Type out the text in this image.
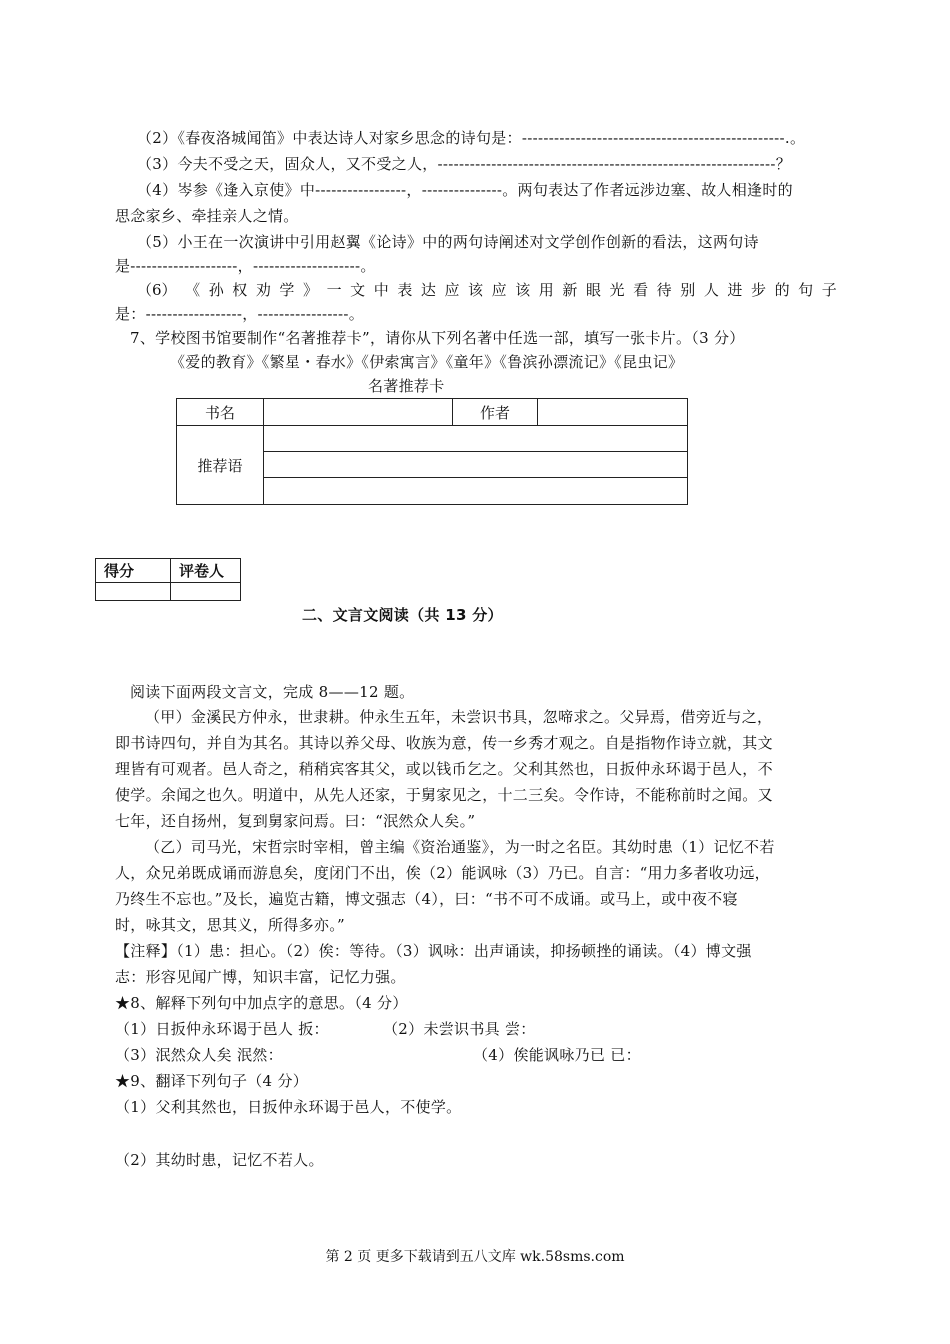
（2）《春夜洛城闻笛》中表达诗人对家乡思念的诗句是：-------------------------------------------------.。
（3）今夫不受之天，固众人，又不受之人，---------------------------------------------------------------？
（4）岑参《逢入京使》中-----------------，---------------。两句表达了作者远涉边塞、故人相逢时的
思念家乡、牵挂亲人之情。
（5）小王在一次演讲中引用赵翼《论诗》中的两句诗阐述对文学创作创新的看法，这两句诗
是--------------------，--------------------。
（6） 《 孙 权 劝 学 》 一 文 中 表 达 应 该 应 该 用 新 眼 光 看 待 别 人 进 步 的 句 子
是：------------------，-----------------。
7、学校图书馆要制作“名著推荐卡”，请你从下列名著中任选一部，填写一张卡片。（3 分）
《爱的教育》《繁星・春水》《伊索寓言》《童年》《鲁滨孙漂流记》《昆虫记》
名著推荐卡
书名		作者	
推荐语			

得分	评卷人

二、文言文阅读（共 13 分）
阅读下面两段文言文，完成 8——12 题。
（甲）金溪民方仲永，世隶耕。仲永生五年，未尝识书具，忽啼求之。父异焉，借旁近与之，
即书诗四句，并自为其名。其诗以养父母、收族为意，传一乡秀才观之。自是指物作诗立就，其文
理皆有可观者。邑人奇之，稍稍宾客其父，或以钱币乞之。父利其然也，日扳仲永环谒于邑人，不
使学。余闻之也久。明道中，从先人还家，于舅家见之，十二三矣。令作诗，不能称前时之闻。又
七年，还自扬州，复到舅家问焉。曰：“泯然众人矣。”
（乙）司马光，宋哲宗时宰相，曾主编《资治通鉴》，为一时之名臣。其幼时患（1）记忆不若
人，众兄弟既成诵而游息矣，度闭门不出，俟（2）能讽咏（3）乃已。自言：“用力多者收功远，
乃终生不忘也。”及长，遍览古籍，博文强志（4），曰：“书不可不成诵。或马上，或中夜不寝
时，咏其文，思其义，所得多亦。”
【注释】（1）患：担心。（2）俟：等待。（3）讽咏：出声诵读，抑扬顿挫的诵读。（4）博文强
志：形容见闻广博，知识丰富，记忆力强。
★8、解释下列句中加点字的意思。（4 分）
（1）日扳仲永环谒于邑人 扳：	（2）未尝识书具 尝：
（3）泯然众人矣 泯然：	（4）俟能讽咏乃已 已：
★9、翻译下列句子（4 分）
（1）父利其然也，日扳仲永环谒于邑人，不使学。
（2）其幼时患，记忆不若人。
第 2 页 更多下载请到五八文库 wk.58sms.com
